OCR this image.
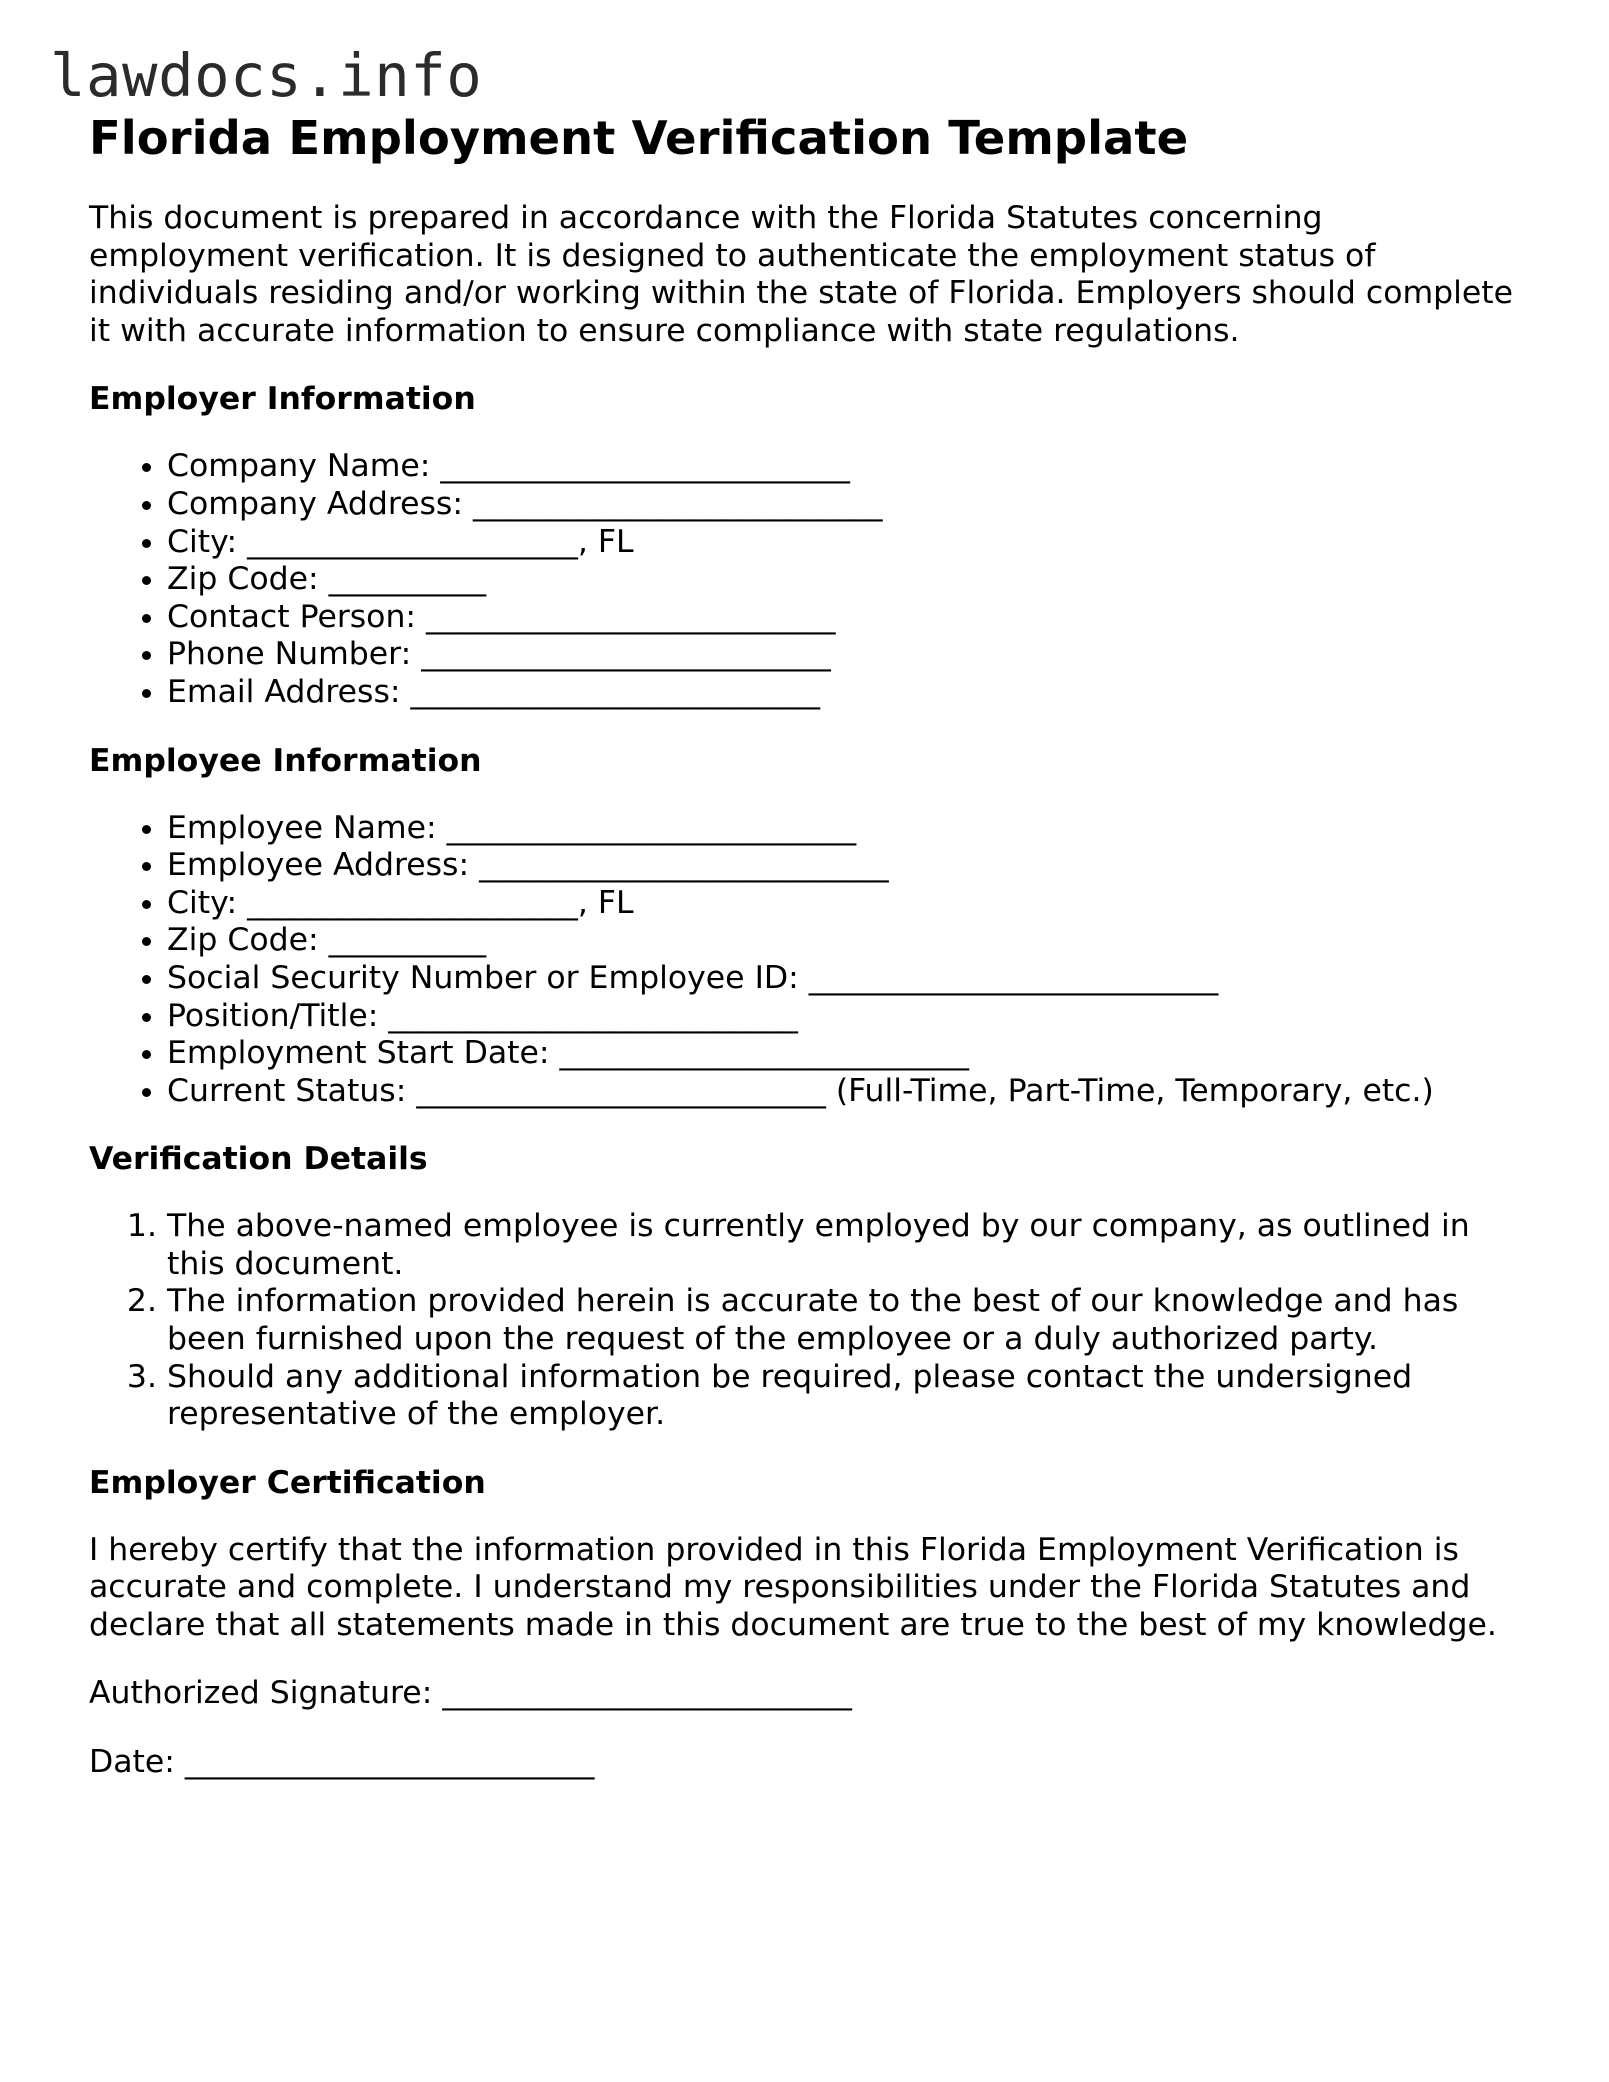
lawdocs.info
Florida Employment Verification Template

This document is prepared in accordance with the Florida Statutes concerning employment verification. It is designed to authenticate the employment status of individuals residing and/or working within the state of Florida. Employers should complete it with accurate information to ensure compliance with state regulations.

Employer Information
• Company Name: __________________________
• Company Address: __________________________
• City: _____________________, FL
• Zip Code: __________
• Contact Person: __________________________
• Phone Number: __________________________
• Email Address: __________________________
Employee Information
• Employee Name: __________________________
• Employee Address: __________________________
• City: _____________________, FL
• Zip Code: __________
• Social Security Number or Employee ID: __________________________
• Position/Title: __________________________
• Employment Start Date: __________________________
• Current Status: __________________________ (Full-Time, Part-Time, Temporary, etc.)
Verification Details
1. The above-named employee is currently employed by our company, as outlined in this document.
2. The information provided herein is accurate to the best of our knowledge and has been furnished upon the request of the employee or a duly authorized party.
3. Should any additional information be required, please contact the undersigned representative of the employer.
Employer Certification

I hereby certify that the information provided in this Florida Employment Verification is accurate and complete. I understand my responsibilities under the Florida Statutes and declare that all statements made in this document are true to the best of my knowledge.

Authorized Signature: __________________________

Date: __________________________
